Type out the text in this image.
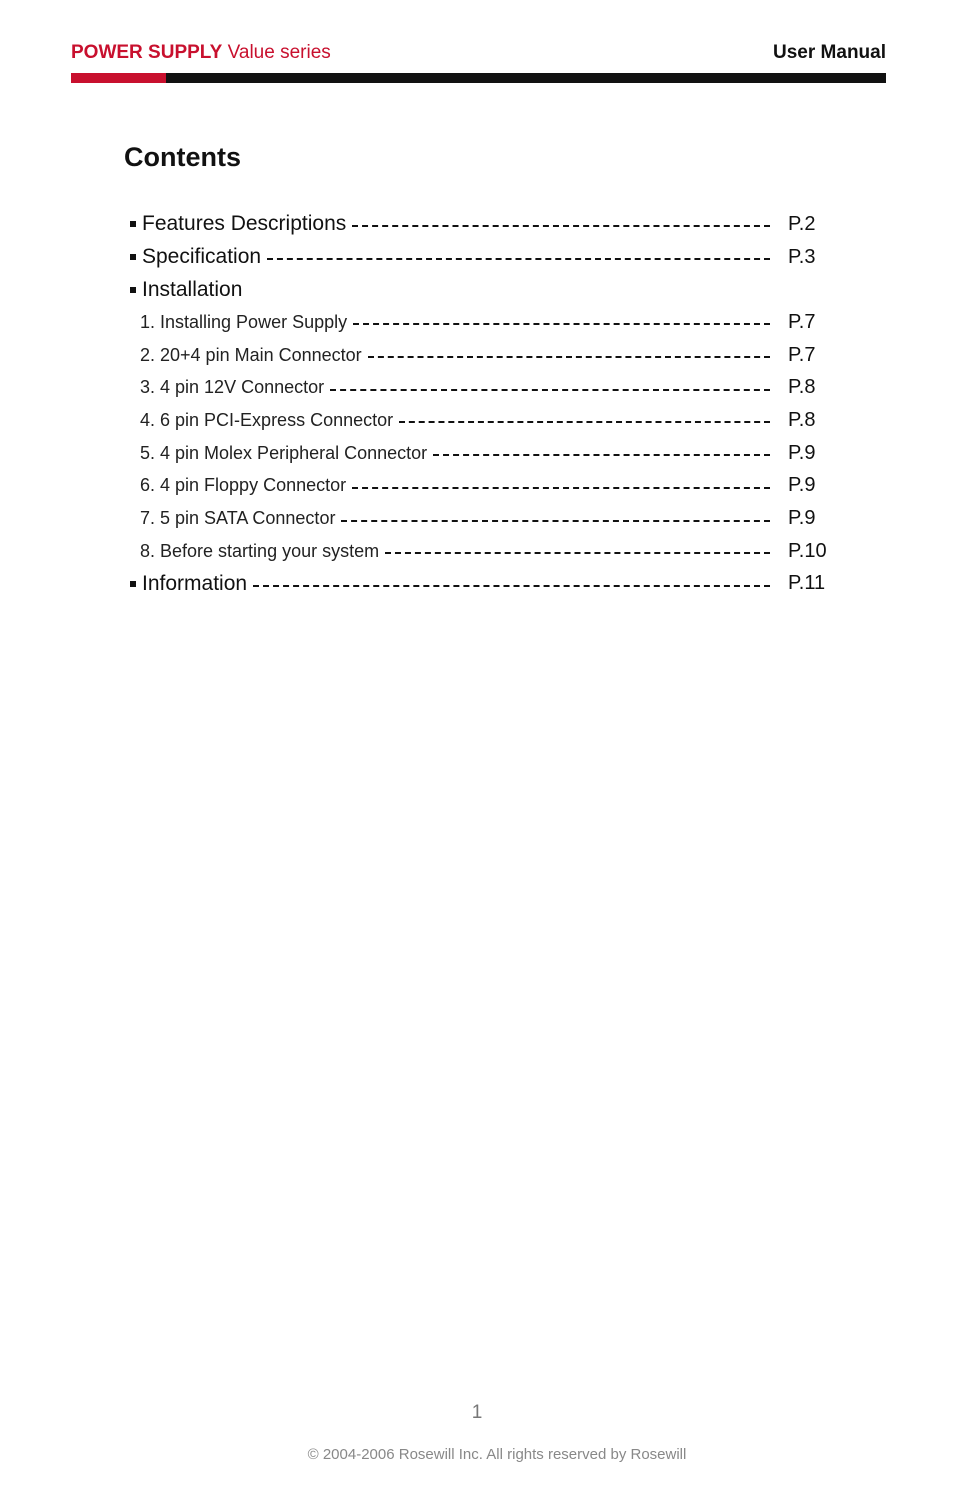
POWER SUPPLY Value series	User Manual
Contents
Features Descriptions	P.2
Specification	P.3
Installation
1. Installing Power Supply	P.7
2. 20+4 pin Main Connector	P.7
3. 4 pin 12V Connector	P.8
4. 6 pin PCI-Express Connector	P.8
5. 4 pin Molex Peripheral Connector	P.9
6. 4 pin Floppy Connector	P.9
7. 5 pin SATA Connector	P.9
8. Before starting your system	P.10
Information	P.11
1
© 2004-2006 Rosewill Inc. All rights reserved by Rosewill
